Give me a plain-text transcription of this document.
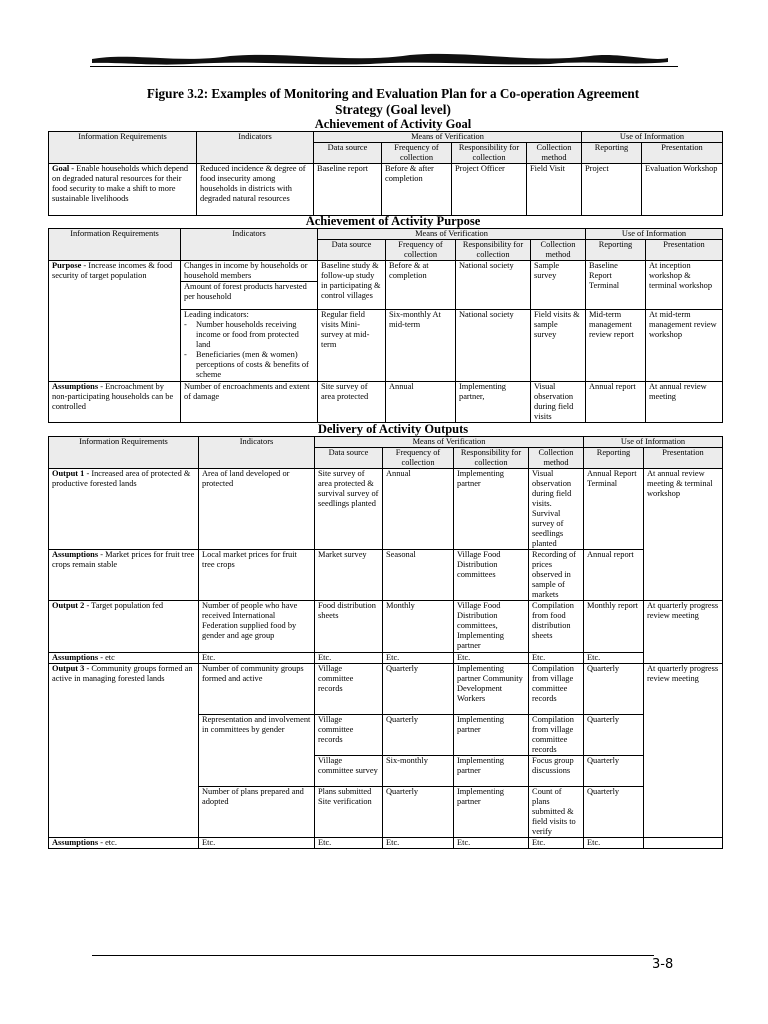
Figure 3.2: Examples of Monitoring and Evaluation Plan for a Co-operation Agreement
Strategy (Goal level)
Achievement of Activity Goal
Information Requirements	Indicators	Means of Verification				Use of Information	
		Data source	Frequency of collection	Responsibility for collection	Collection method	Reporting	Presentation
Goal - Enable households which depend on degraded natural resources for their food security to make a shift to more sustainable livelihoods	Reduced incidence & degree of food insecurity among households in districts with degraded natural resources	Baseline report	Before & after completion	Project Officer	Field Visit	Project	Evaluation Workshop
Achievement of Activity Purpose
Information Requirements	Indicators	Means of Verification				Use of Information	
		Data source	Frequency of collection	Responsibility for collection	Collection method	Reporting	Presentation
Purpose - Increase incomes & food security of target population	Changes in income by households or household members	Baseline study & follow-up study in participating & control villages	Before & at completion	National society	Sample survey	Baseline Report Terminal	At inception workshop & terminal workshop
	Amount of forest products harvested per household						

	Leading indicators:
- Number households receiving income or food from protected land
- Beneficiaries (men & women) perceptions of costs & benefits of scheme	Regular field visits Mini-survey at mid-term	Six-monthly At mid-term	National society	Field visits & sample survey	Mid-term management review report	At mid-term management review workshop
Assumptions - Encroachment by non-participating households can be controlled	Number of encroachments and extent of damage	Site survey of area protected	Annual	Implementing partner,	Visual observation during field visits	Annual report	At annual review meeting
Delivery of Activity Outputs
Information Requirements	Indicators	Means of Verification				Use of Information	
		Data source	Frequency of collection	Responsibility for collection	Collection method	Reporting	Presentation
Output 1 - Increased area of protected & productive forested lands	Area of land developed or protected	Site survey of area protected & survival survey of seedlings planted	Annual	Implementing partner	Visual observation during field visits. Survival survey of seedlings planted	Annual Report Terminal	At annual review meeting & terminal workshop
Assumptions - Market prices for fruit tree crops remain stable	Local market prices for fruit tree crops	Market survey	Seasonal	Village Food Distribution committees	Recording of prices observed in sample of markets	Annual report	
Output 2 - Target population fed	Number of people who have received International Federation supplied food by gender and age group	Food distribution sheets	Monthly	Village Food Distribution committees, Implementing partner	Compilation from food distribution sheets	Monthly report	At quarterly progress review meeting
Assumptions - etc	Etc.	Etc.	Etc.	Etc.	Etc.	Etc.	
Output 3 - Community groups formed an active in managing forested lands	Number of community groups formed and active	Village committee records	Quarterly	Implementing partner Community Development Workers	Compilation from village committee records	Quarterly	At quarterly progress review meeting
	Representation and involvement in committees by gender	Village committee records	Quarterly	Implementing partner	Compilation from village committee records	Quarterly	
		Village committee survey	Six-monthly	Implementing partner	Focus group discussions	Quarterly	
	Number of plans prepared and adopted	Plans submitted Site verification	Quarterly	Implementing partner	Count of plans submitted & field visits to verify	Quarterly	
Assumptions - etc.	Etc.	Etc.	Etc.	Etc.	Etc.	Etc.	
3-8
